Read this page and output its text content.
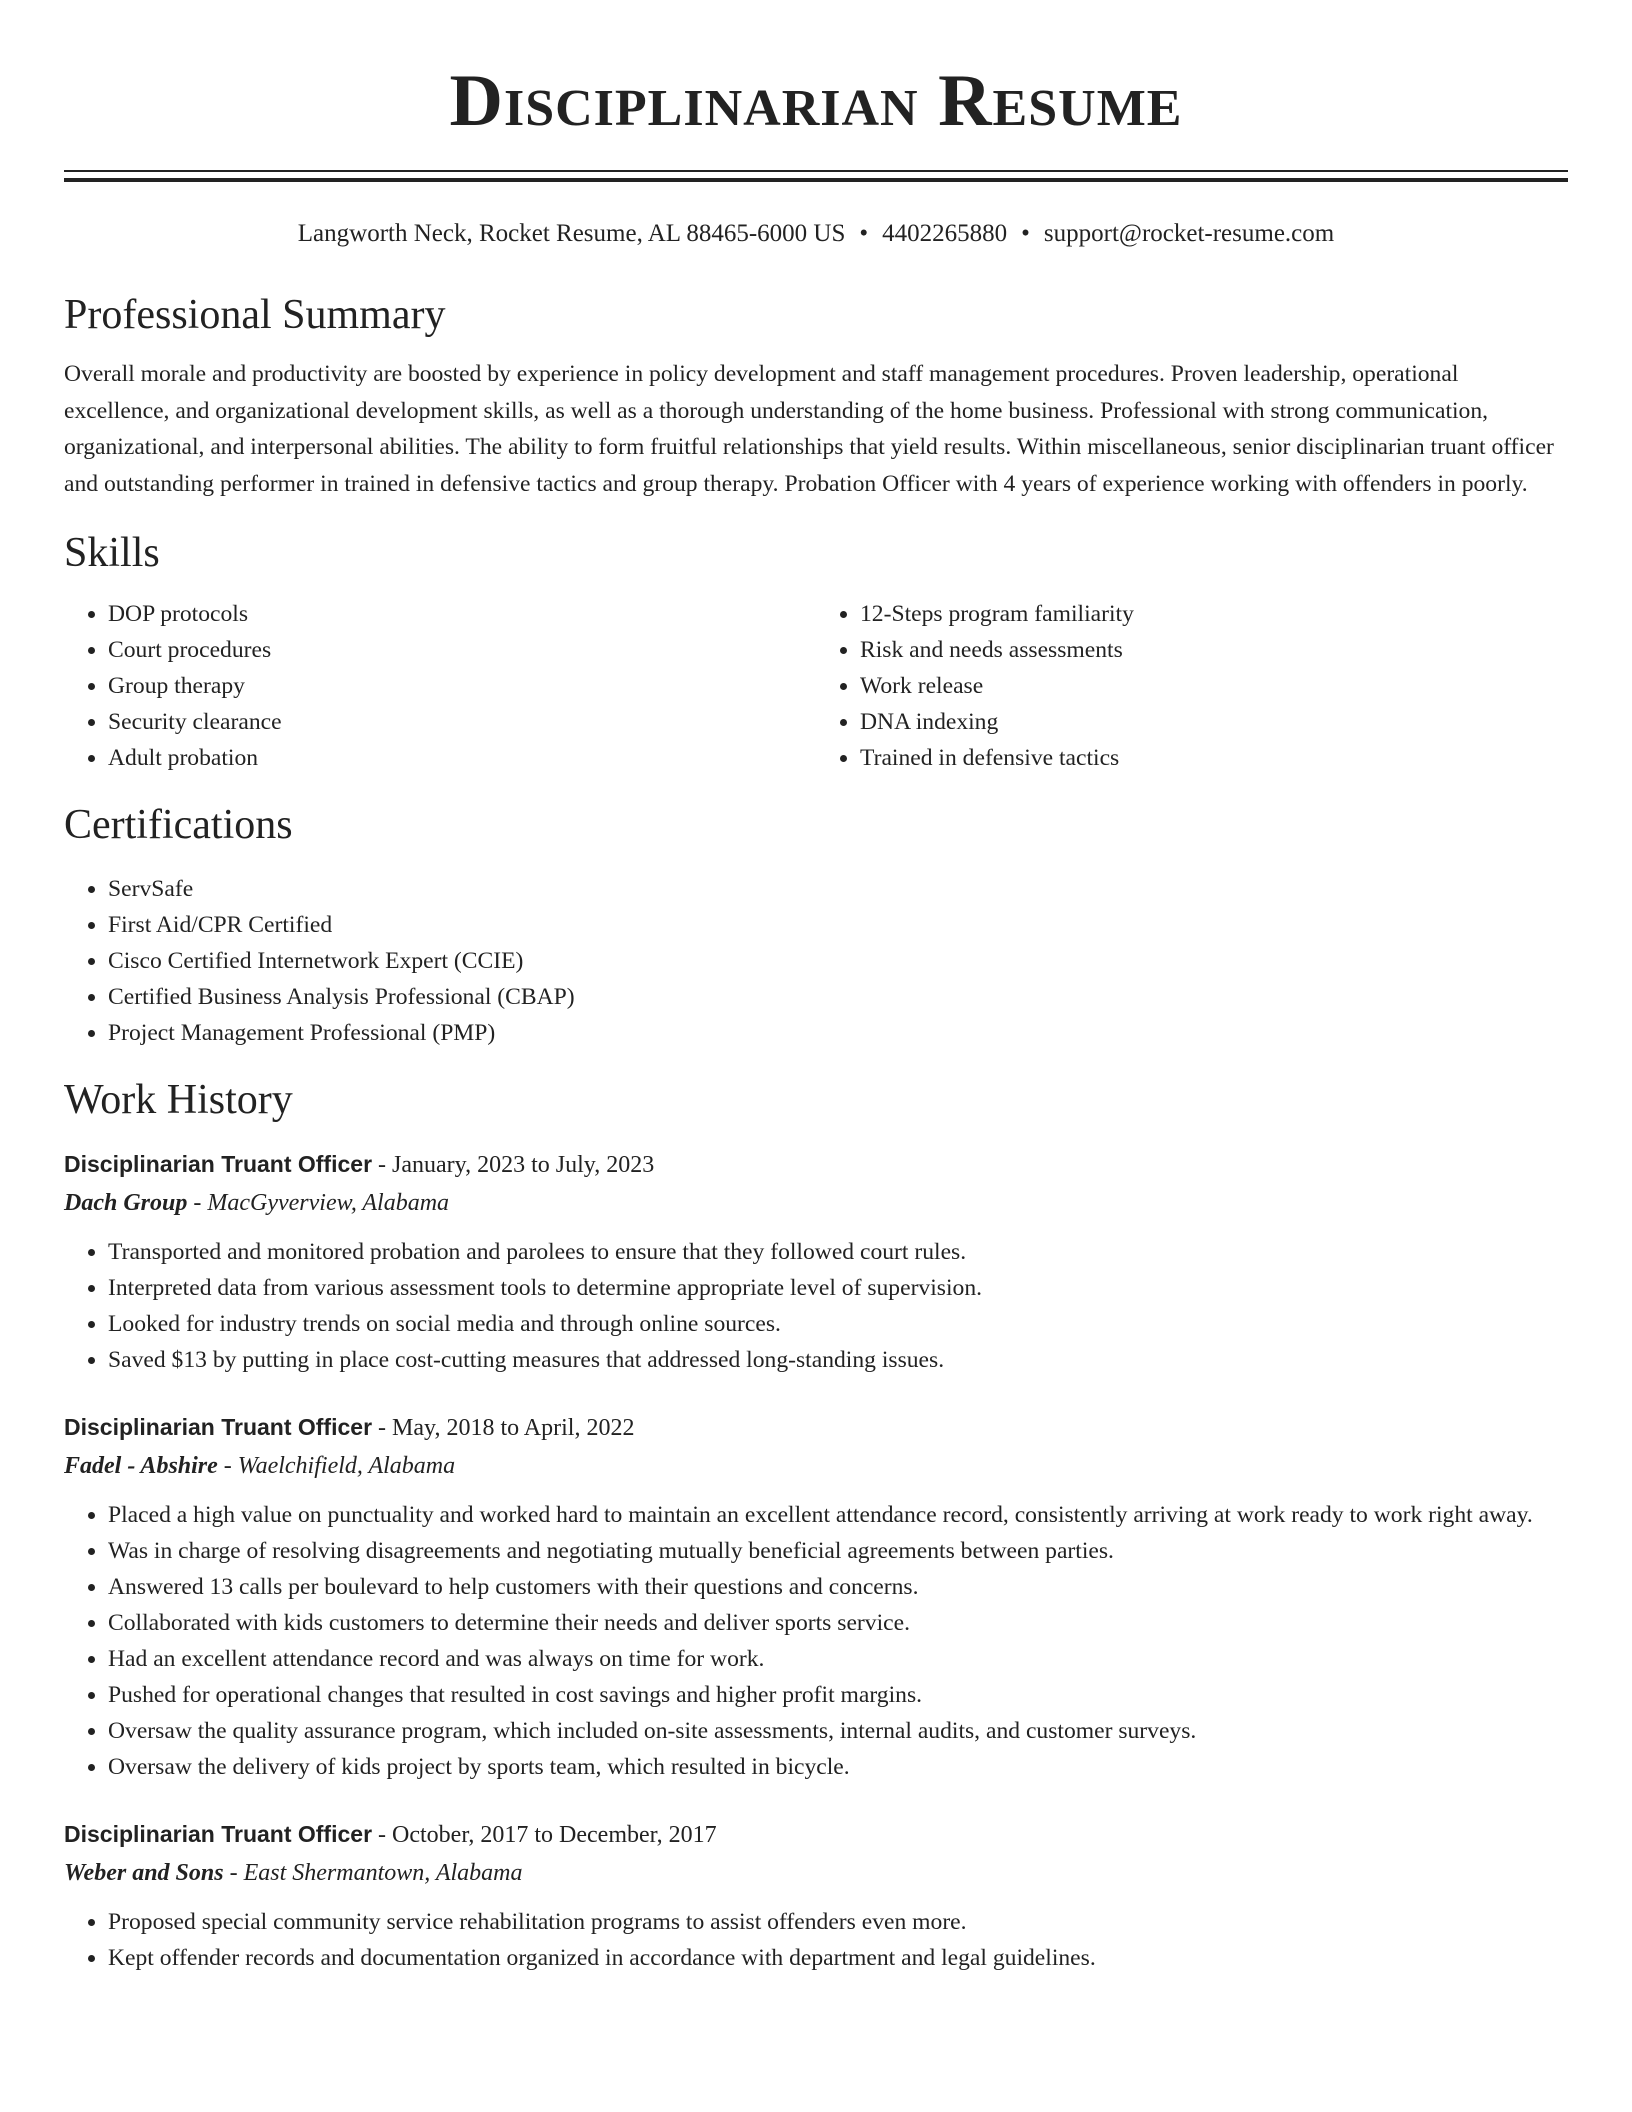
Disciplinarian Resume
Langworth Neck, Rocket Resume, AL 88465-6000 US • 4402265880 • support@rocket-resume.com
Professional Summary

Overall morale and productivity are boosted by experience in policy development and staff management procedures. Proven leadership, operational excellence, and organizational development skills, as well as a thorough understanding of the home business. Professional with strong communication, organizational, and interpersonal abilities. The ability to form fruitful relationships that yield results. Within miscellaneous, senior disciplinarian truant officer and outstanding performer in trained in defensive tactics and group therapy. Probation Officer with 4 years of experience working with offenders in poorly.

Skills
• DOP protocols
• Court procedures
• Group therapy
• Security clearance
• Adult probation
• 12-Steps program familiarity
• Risk and needs assessments
• Work release
• DNA indexing
• Trained in defensive tactics
Certifications
• ServSafe
• First Aid/CPR Certified
• Cisco Certified Internetwork Expert (CCIE)
• Certified Business Analysis Professional (CBAP)
• Project Management Professional (PMP)
Work History
Disciplinarian Truant Officer - January, 2023 to July, 2023
Dach Group - MacGyverview, Alabama
• Transported and monitored probation and parolees to ensure that they followed court rules.
• Interpreted data from various assessment tools to determine appropriate level of supervision.
• Looked for industry trends on social media and through online sources.
• Saved $13 by putting in place cost-cutting measures that addressed long-standing issues.
Disciplinarian Truant Officer - May, 2018 to April, 2022
Fadel - Abshire - Waelchifield, Alabama
• Placed a high value on punctuality and worked hard to maintain an excellent attendance record, consistently arriving at work ready to work right away.
• Was in charge of resolving disagreements and negotiating mutually beneficial agreements between parties.
• Answered 13 calls per boulevard to help customers with their questions and concerns.
• Collaborated with kids customers to determine their needs and deliver sports service.
• Had an excellent attendance record and was always on time for work.
• Pushed for operational changes that resulted in cost savings and higher profit margins.
• Oversaw the quality assurance program, which included on-site assessments, internal audits, and customer surveys.
• Oversaw the delivery of kids project by sports team, which resulted in bicycle.
Disciplinarian Truant Officer - October, 2017 to December, 2017
Weber and Sons - East Shermantown, Alabama
• Proposed special community service rehabilitation programs to assist offenders even more.
• Kept offender records and documentation organized in accordance with department and legal guidelines.
